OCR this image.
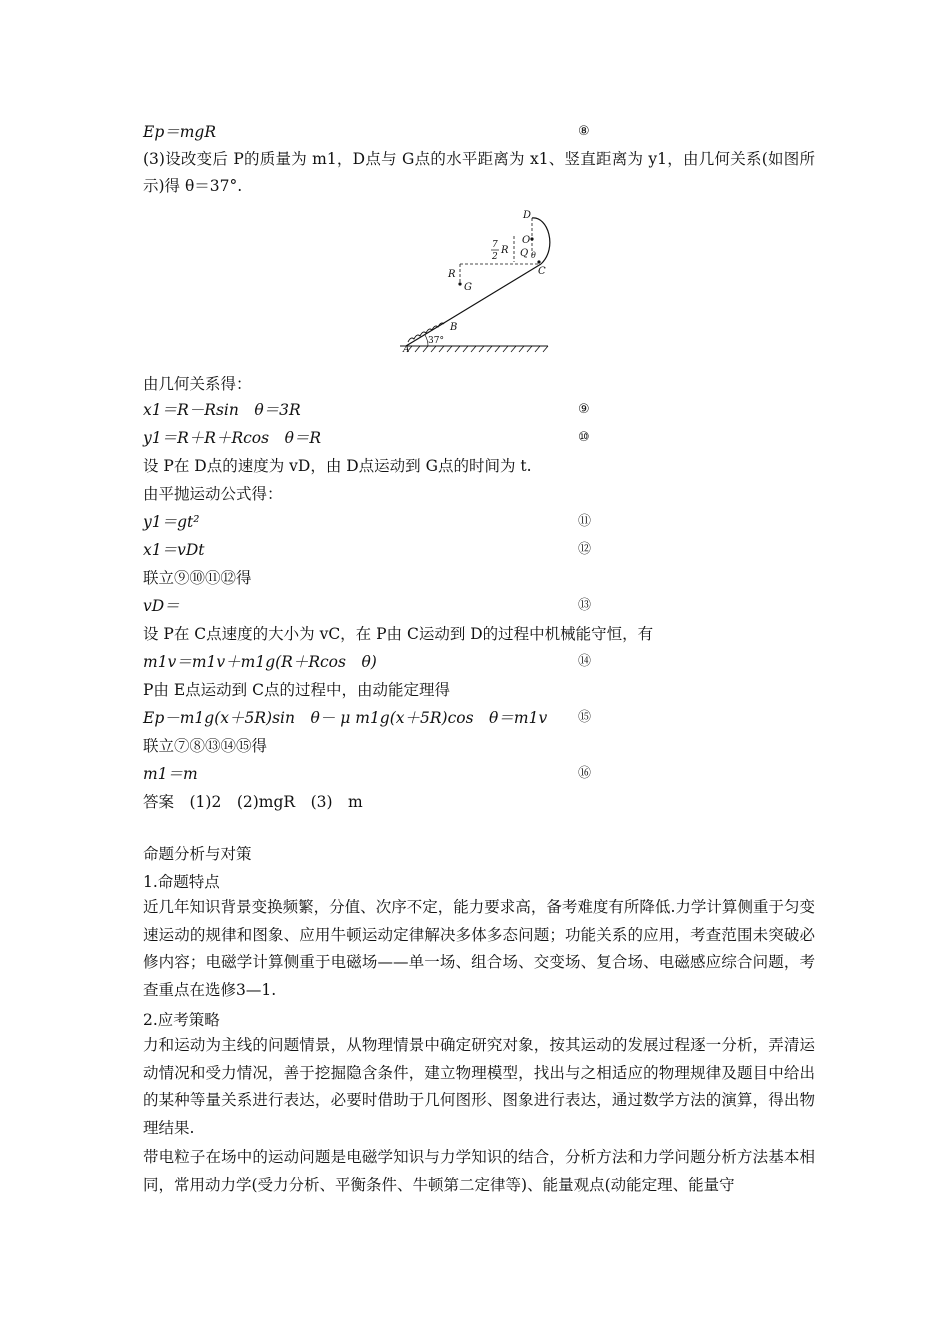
Ep＝mgR	⑧
(3)设改变后 P的质量为 m1，D点与 G点的水平距离为 x1、竖直距离为 y1，由几何关系(如图所示)得 θ＝37°.
D
O
Q θ
C
7
2
R
R
G
B
A
37°
由几何关系得：
x1＝R－Rsin　θ＝3R	⑨
y1＝R＋R＋Rcos　θ＝R	⑩
设 P在 D点的速度为 vD，由 D点运动到 G点的时间为 t.
由平抛运动公式得：
y1＝gt²	⑪
x1＝vDt	⑫
联立⑨⑩⑪⑫得
vD＝	⑬
设 P在 C点速度的大小为 vC，在 P由 C运动到 D的过程中机械能守恒，有
m1v＝m1v＋m1g(R＋Rcos　θ)	⑭
P由 E点运动到 C点的过程中，由动能定理得
Ep－m1g(x＋5R)sin　θ－ μ m1g(x＋5R)cos　θ＝m1v ⑮
联立⑦⑧⑬⑭⑮得
m1＝m	⑯
答案　(1)2　(2)mgR　(3)　m
命题分析与对策
1.命题特点
近几年知识背景变换频繁，分值、次序不定，能力要求高，备考难度有所降低.力学计算侧重于匀变速运动的规律和图象、应用牛顿运动定律解决多体多态问题；功能关系的应用，考查范围未突破必修内容；电磁学计算侧重于电磁场——单一场、组合场、交变场、复合场、电磁感应综合问题，考查重点在选修3—1.
2.应考策略
力和运动为主线的问题情景，从物理情景中确定研究对象，按其运动的发展过程逐一分析，弄清运动情况和受力情况，善于挖掘隐含条件，建立物理模型，找出与之相适应的物理规律及题目中给出的某种等量关系进行表达，必要时借助于几何图形、图象进行表达，通过数学方法的演算，得出物理结果.
带电粒子在场中的运动问题是电磁学知识与力学知识的结合，分析方法和力学问题分析方法基本相同，常用动力学(受力分析、平衡条件、牛顿第二定律等)、能量观点(动能定理、能量守
